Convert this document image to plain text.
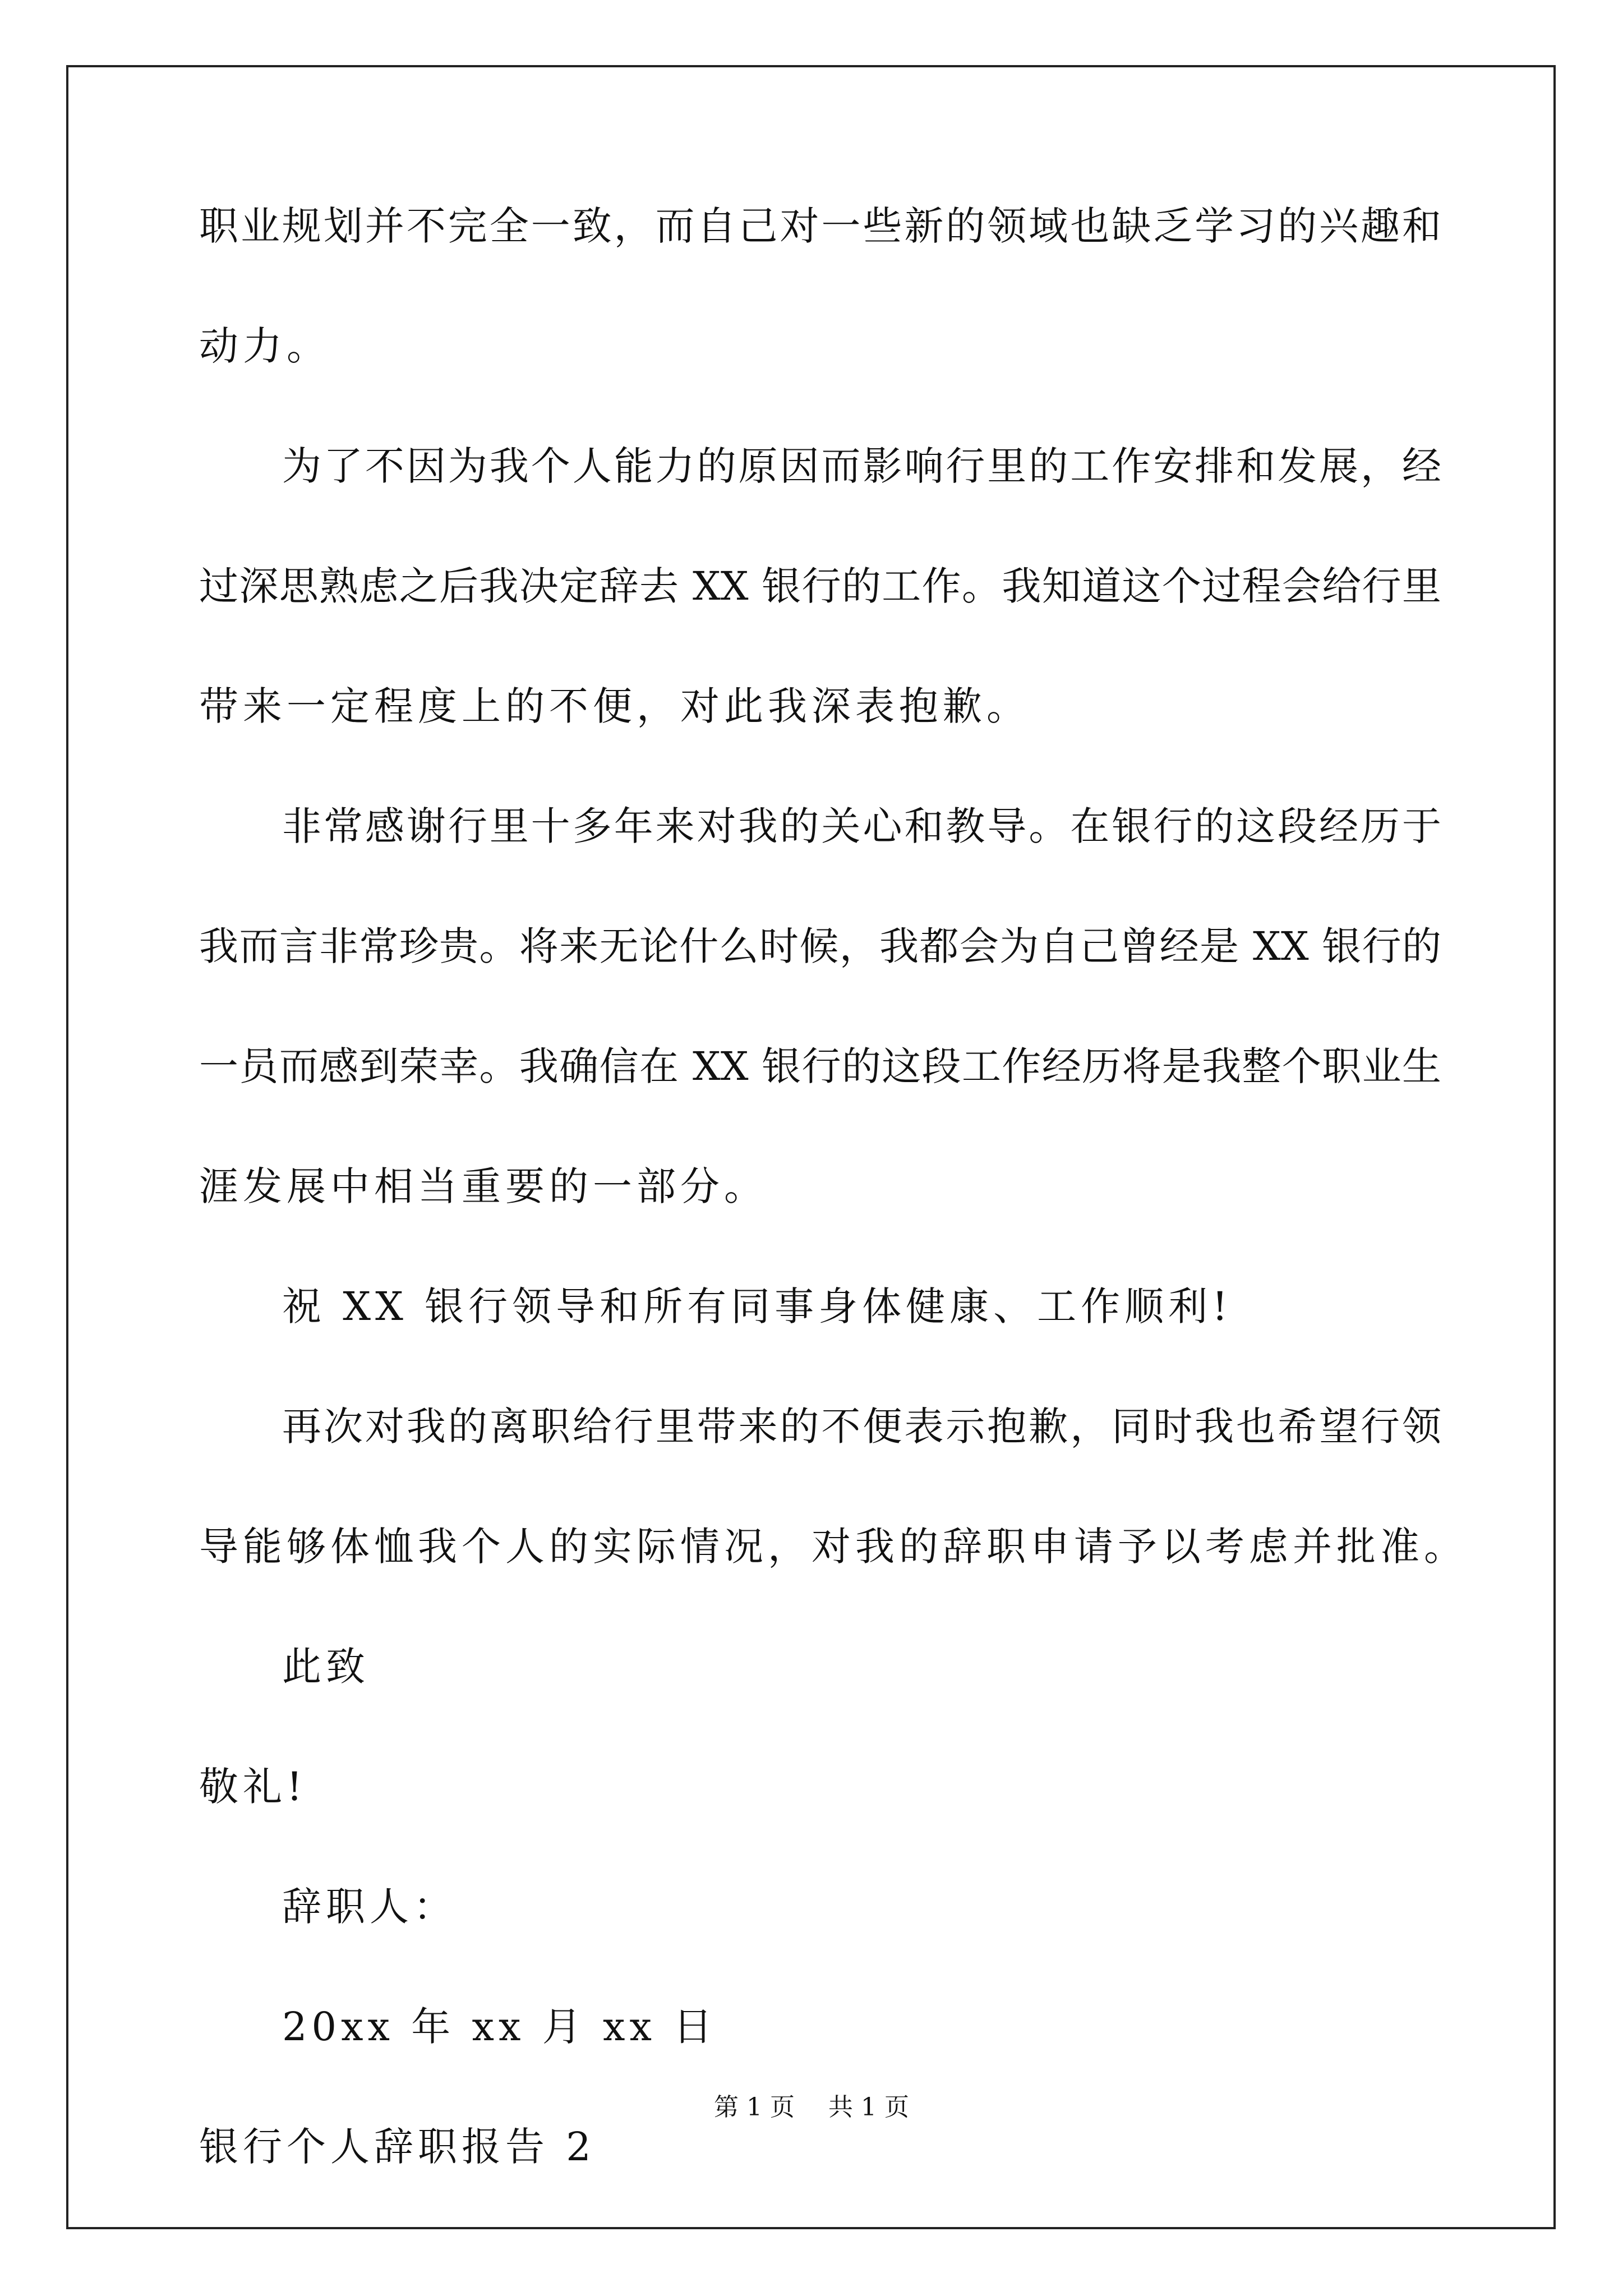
职业规划并不完全一致，而自己对一些新的领域也缺乏学习的兴趣和
动力。
为了不因为我个人能力的原因而影响行里的工作安排和发展，经
过深思熟虑之后我决定辞去 XX 银行的工作。我知道这个过程会给行里
带来一定程度上的不便，对此我深表抱歉。
非常感谢行里十多年来对我的关心和教导。在银行的这段经历于
我而言非常珍贵。将来无论什么时候，我都会为自己曾经是 XX 银行的
一员而感到荣幸。我确信在 XX 银行的这段工作经历将是我整个职业生
涯发展中相当重要的一部分。
祝 XX 银行领导和所有同事身体健康、工作顺利!
再次对我的离职给行里带来的不便表示抱歉，同时我也希望行领
导能够体恤我个人的实际情况，对我的辞职申请予以考虑并批准。
此致
敬礼!
辞职人：
20xx 年 xx 月 xx 日
银行个人辞职报告 2
第 1 页 共 1 页
